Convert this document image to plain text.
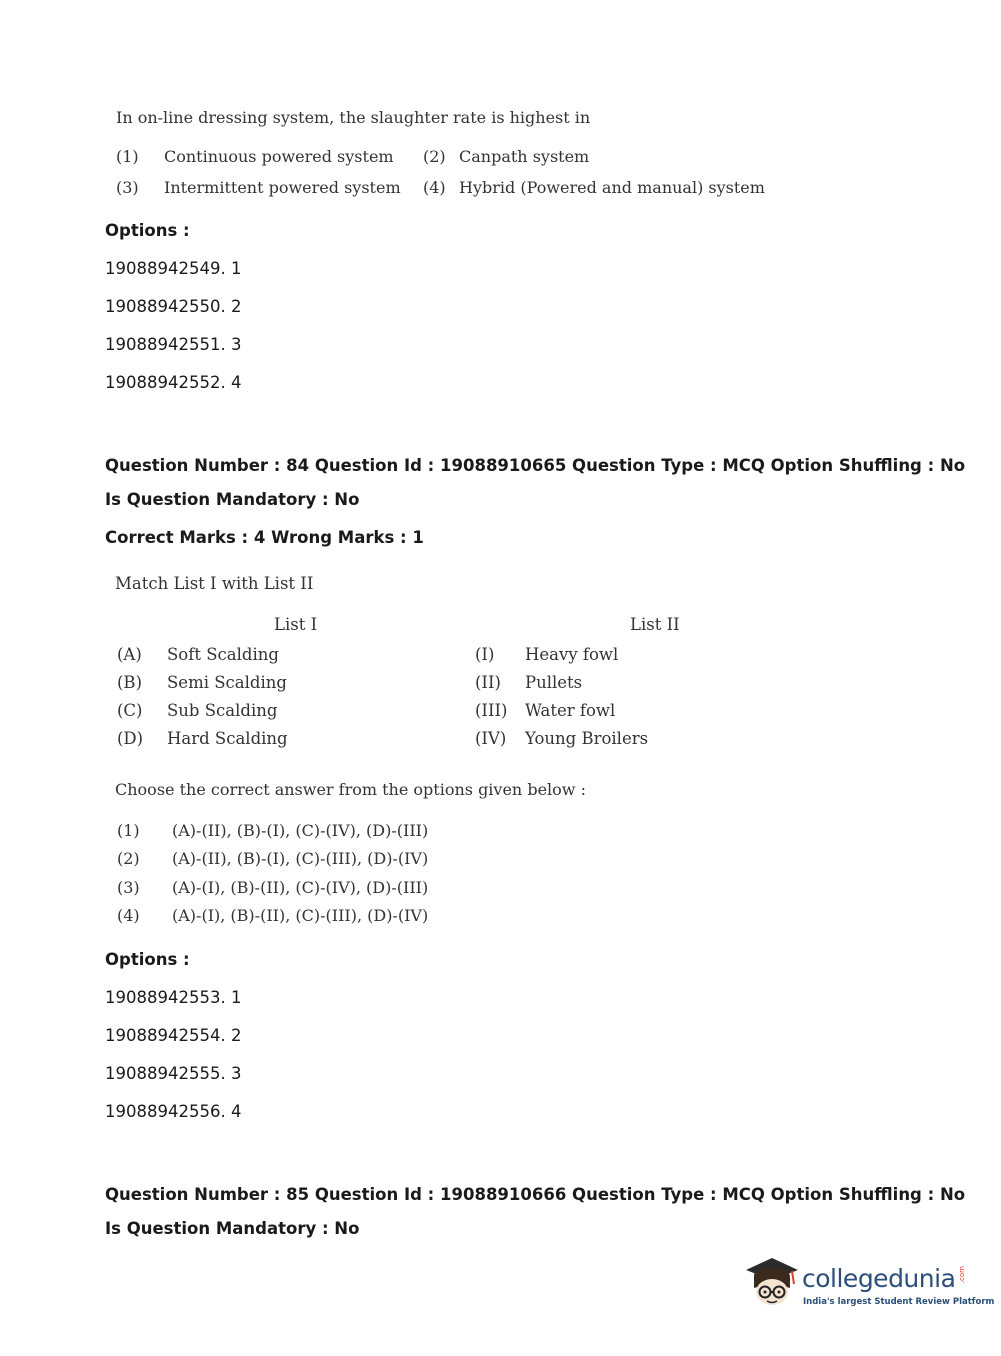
In on-line dressing system, the slaughter rate is highest in
(1) Continuous powered system (2) Canpath system
(3) Intermittent powered system (4) Hybrid (Powered and manual) system
Options :
19088942549. 1
19088942550. 2
19088942551. 3
19088942552. 4
Question Number : 84 Question Id : 19088910665 Question Type : MCQ Option Shuffling : No
Is Question Mandatory : No
Correct Marks : 4 Wrong Marks : 1
Match List I with List II
List I	List II
(A) Soft Scalding	(I) Heavy fowl
(B) Semi Scalding	(II) Pullets
(C) Sub Scalding	(III) Water fowl
(D) Hard Scalding	(IV) Young Broilers
Choose the correct answer from the options given below :
(1) (A)-(II), (B)-(I), (C)-(IV), (D)-(III)
(2) (A)-(II), (B)-(I), (C)-(III), (D)-(IV)
(3) (A)-(I), (B)-(II), (C)-(IV), (D)-(III)
(4) (A)-(I), (B)-(II), (C)-(III), (D)-(IV)
Options :
19088942553. 1
19088942554. 2
19088942555. 3
19088942556. 4
Question Number : 85 Question Id : 19088910666 Question Type : MCQ Option Shuffling : No
Is Question Mandatory : No
collegedunia .com
India's largest Student Review Platform
